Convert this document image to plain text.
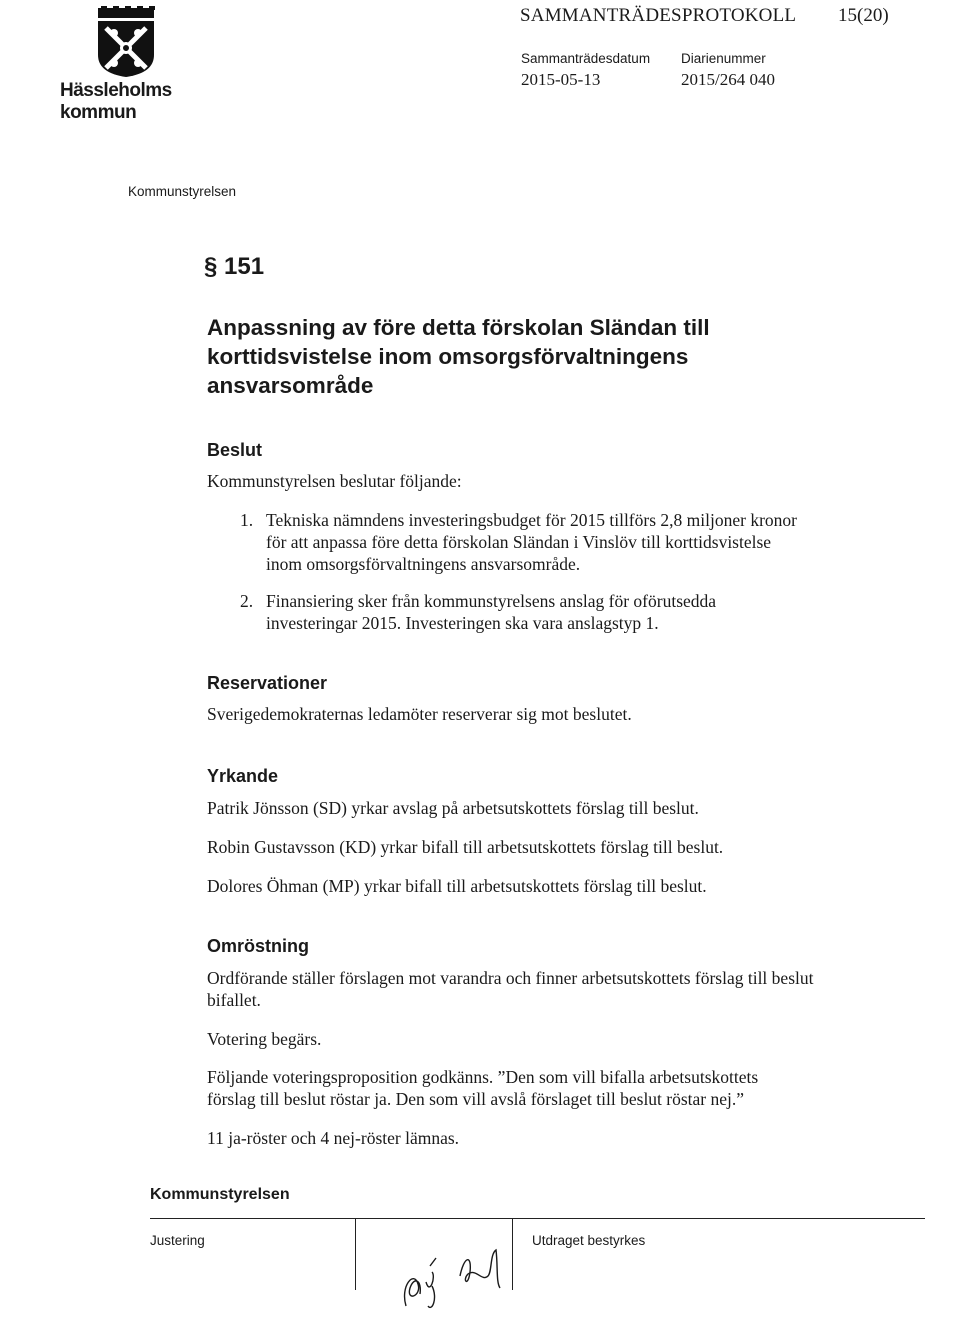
Hässleholms
kommun
SAMMANTRÄDESPROTOKOLL 15(20)
Sammanträdesdatum Diarienummer
2015-05-13	2015/264 040
Kommunstyrelsen
§ 151
Anpassning av före detta förskolan Sländan till korttidsvistelse inom omsorgsförvaltningens ansvarsområde
Beslut
Kommunstyrelsen beslutar följande:
1. Tekniska nämndens investeringsbudget för 2015 tillförs 2,8 miljoner kronor för att anpassa före detta förskolan Sländan i Vinslöv till korttidsvistelse inom omsorgsförvaltningens ansvarsområde.
2. Finansiering sker från kommunstyrelsens anslag för oförutsedda investeringar 2015. Investeringen ska vara anslagstyp 1.
Reservationer
Sverigedemokraternas ledamöter reserverar sig mot beslutet.
Yrkande
Patrik Jönsson (SD) yrkar avslag på arbetsutskottets förslag till beslut.
Robin Gustavsson (KD) yrkar bifall till arbetsutskottets förslag till beslut.
Dolores Öhman (MP) yrkar bifall till arbetsutskottets förslag till beslut.
Omröstning
Ordförande ställer förslagen mot varandra och finner arbetsutskottets förslag till beslut bifallet.
Votering begärs.
Följande voteringsproposition godkänns. ”Den som vill bifalla arbetsutskottets förslag till beslut röstar ja. Den som vill avslå förslaget till beslut röstar nej.”
11 ja-röster och 4 nej-röster lämnas.
Kommunstyrelsen
Justering	Utdraget bestyrkes
